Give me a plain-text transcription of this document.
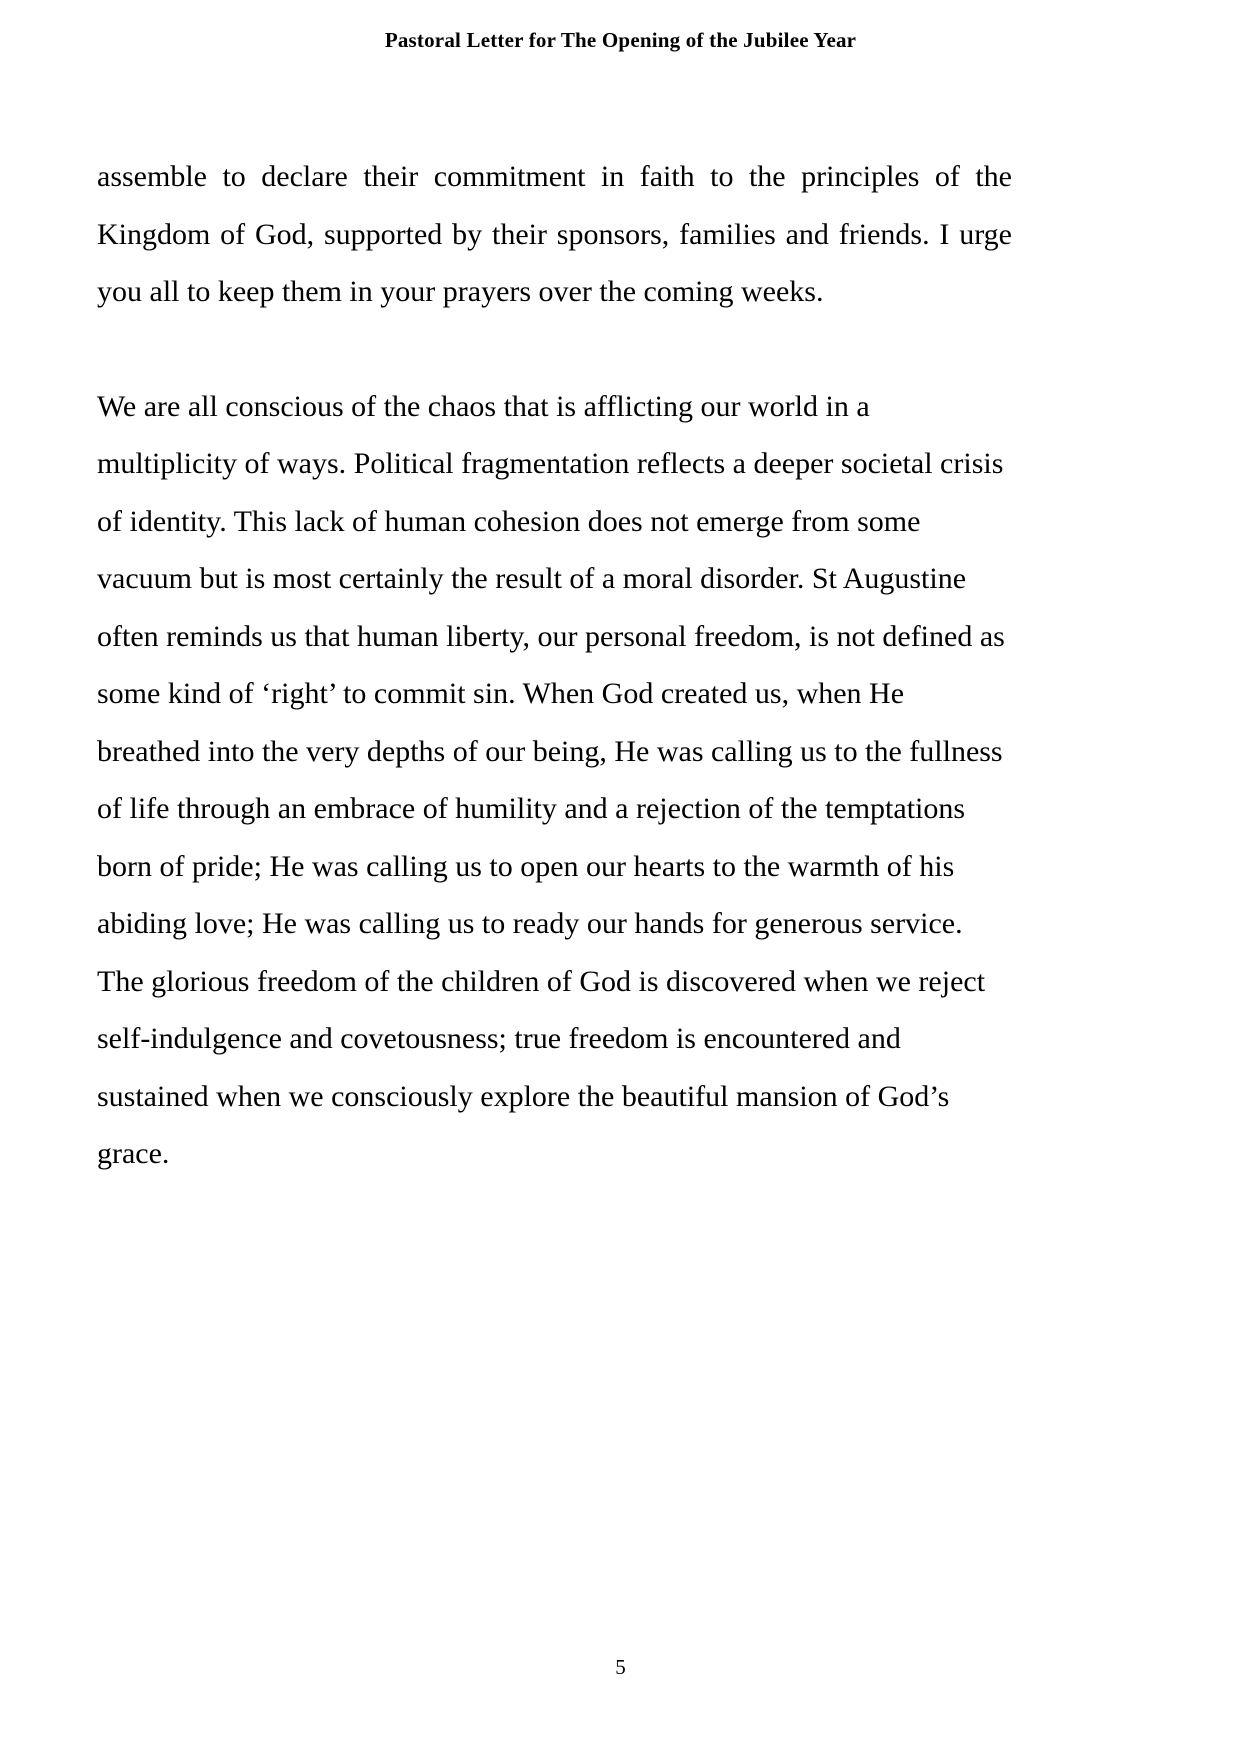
Pastoral Letter for The Opening of the Jubilee Year

assemble to declare their commitment in faith to the principles of the Kingdom of God, supported by their sponsors, families and friends. I urge you all to keep them in your prayers over the coming weeks.

We are all conscious of the chaos that is afflicting our world in a multiplicity of ways. Political fragmentation reflects a deeper societal crisis of identity. This lack of human cohesion does not emerge from some vacuum but is most certainly the result of a moral disorder. St Augustine often reminds us that human liberty, our personal freedom, is not defined as some kind of ‘right’ to commit sin. When God created us, when He breathed into the very depths of our being, He was calling us to the fullness of life through an embrace of humility and a rejection of the temptations born of pride; He was calling us to open our hearts to the warmth of his abiding love; He was calling us to ready our hands for generous service. The glorious freedom of the children of God is discovered when we reject self-indulgence and covetousness; true freedom is encountered and sustained when we consciously explore the beautiful mansion of God’s grace.

5
